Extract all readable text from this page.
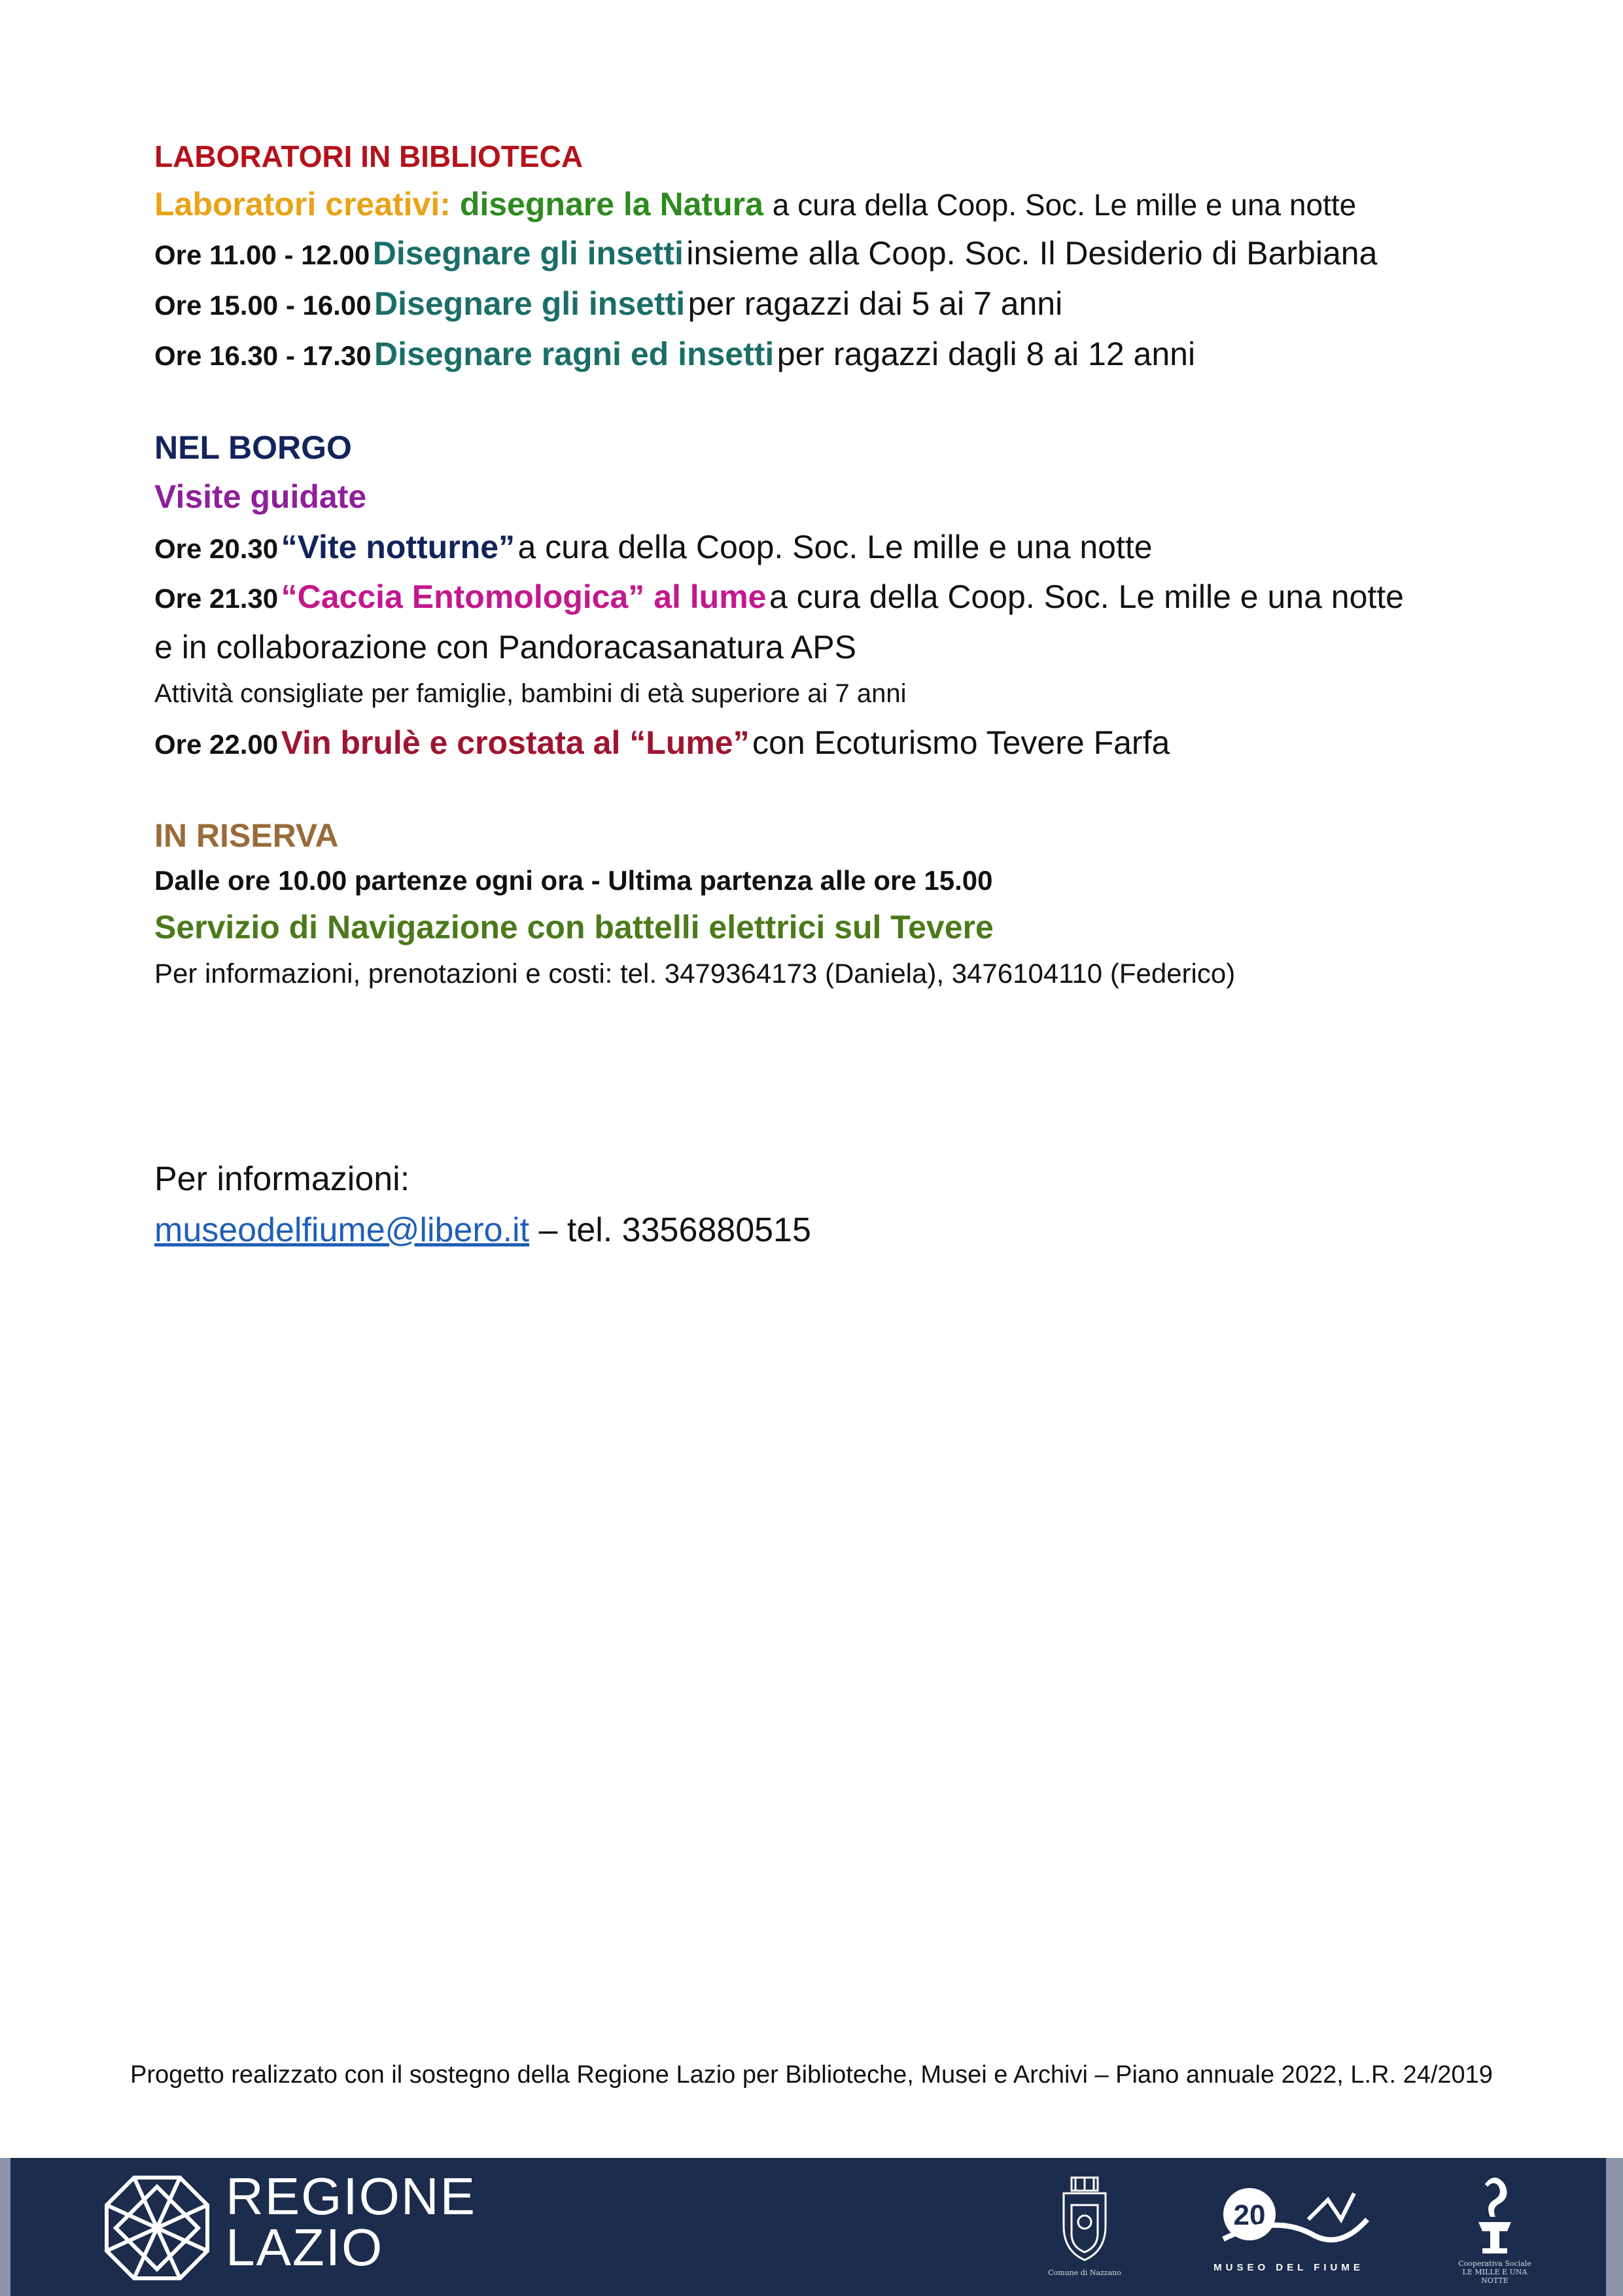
LABORATORI IN BIBLIOTECA
Laboratori creativi: disegnare la Natura a cura della Coop. Soc. Le mille e una notte
Ore 11.00 - 12.00 Disegnare gli insetti insieme alla Coop. Soc. Il Desiderio di Barbiana
Ore 15.00 - 16.00 Disegnare gli insetti per ragazzi dai 5 ai 7 anni
Ore 16.30 - 17.30 Disegnare ragni ed insetti per ragazzi dagli 8 ai 12 anni
NEL BORGO
Visite guidate
Ore 20.30 “Vite notturne” a cura della Coop. Soc. Le mille e una notte
Ore 21.30 “Caccia Entomologica” al lume a cura della Coop. Soc. Le mille e una notte
e in collaborazione con Pandoracasanatura APS
Attività consigliate per famiglie, bambini di età superiore ai 7 anni
Ore 22.00 Vin brulè e crostata al “Lume” con Ecoturismo Tevere Farfa
IN RISERVA
Dalle ore 10.00 partenze ogni ora - Ultima partenza alle ore 15.00
Servizio di Navigazione con battelli elettrici sul Tevere
Per informazioni, prenotazioni e costi: tel. 3479364173 (Daniela), 3476104110 (Federico)
Per informazioni:
museodelfiume@libero.it – tel. 3356880515
Progetto realizzato con il sostegno della Regione Lazio per Biblioteche, Musei e Archivi – Piano annuale 2022, L.R. 24/2019
REGIONE
LAZIO	Comune di Nazzano
20
MUSEO DEL FIUME	Cooperativa Sociale
LE MILLE E UNA NOTTE
